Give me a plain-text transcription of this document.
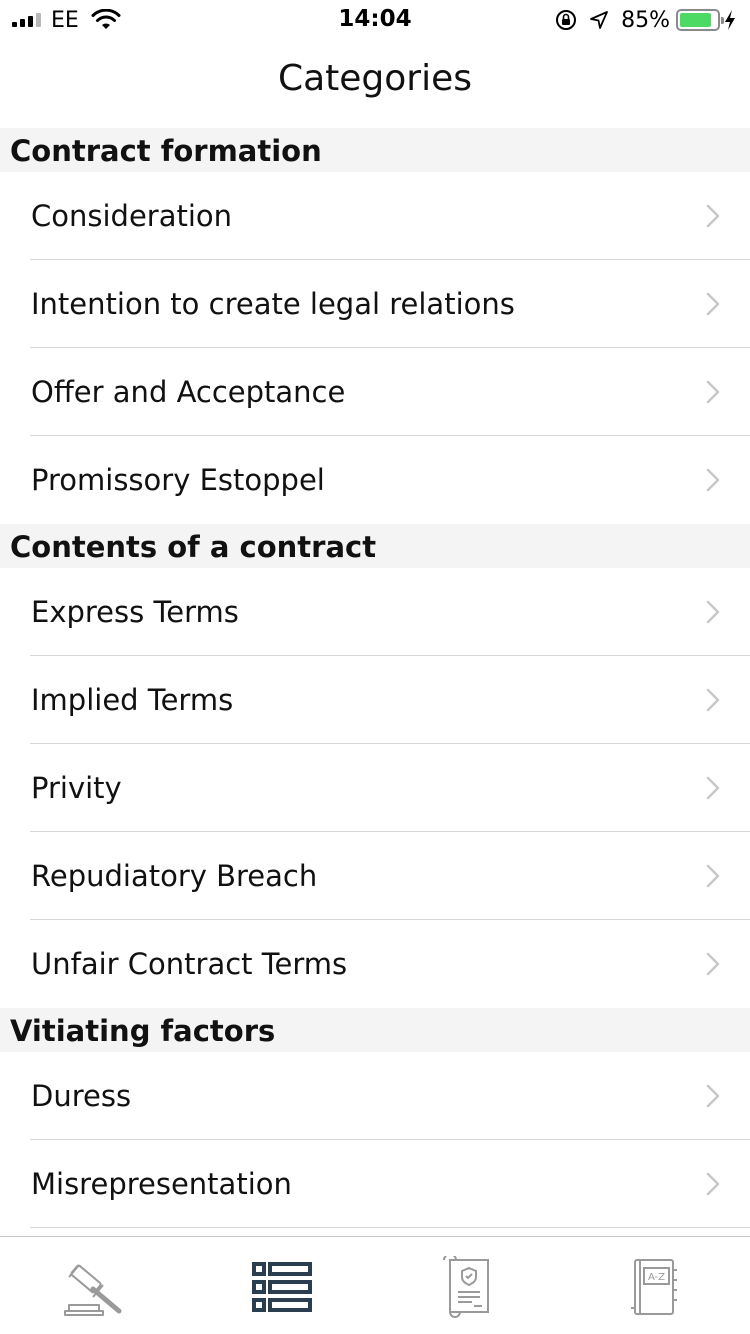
EE	14:04	85%
Categories
Contract formation
Consideration
Intention to create legal relations
Offer and Acceptance
Promissory Estoppel
Contents of a contract
Express Terms
Implied Terms
Privity
Repudiatory Breach
Unfair Contract Terms
Vitiating factors
Duress
Misrepresentation
A-Z
